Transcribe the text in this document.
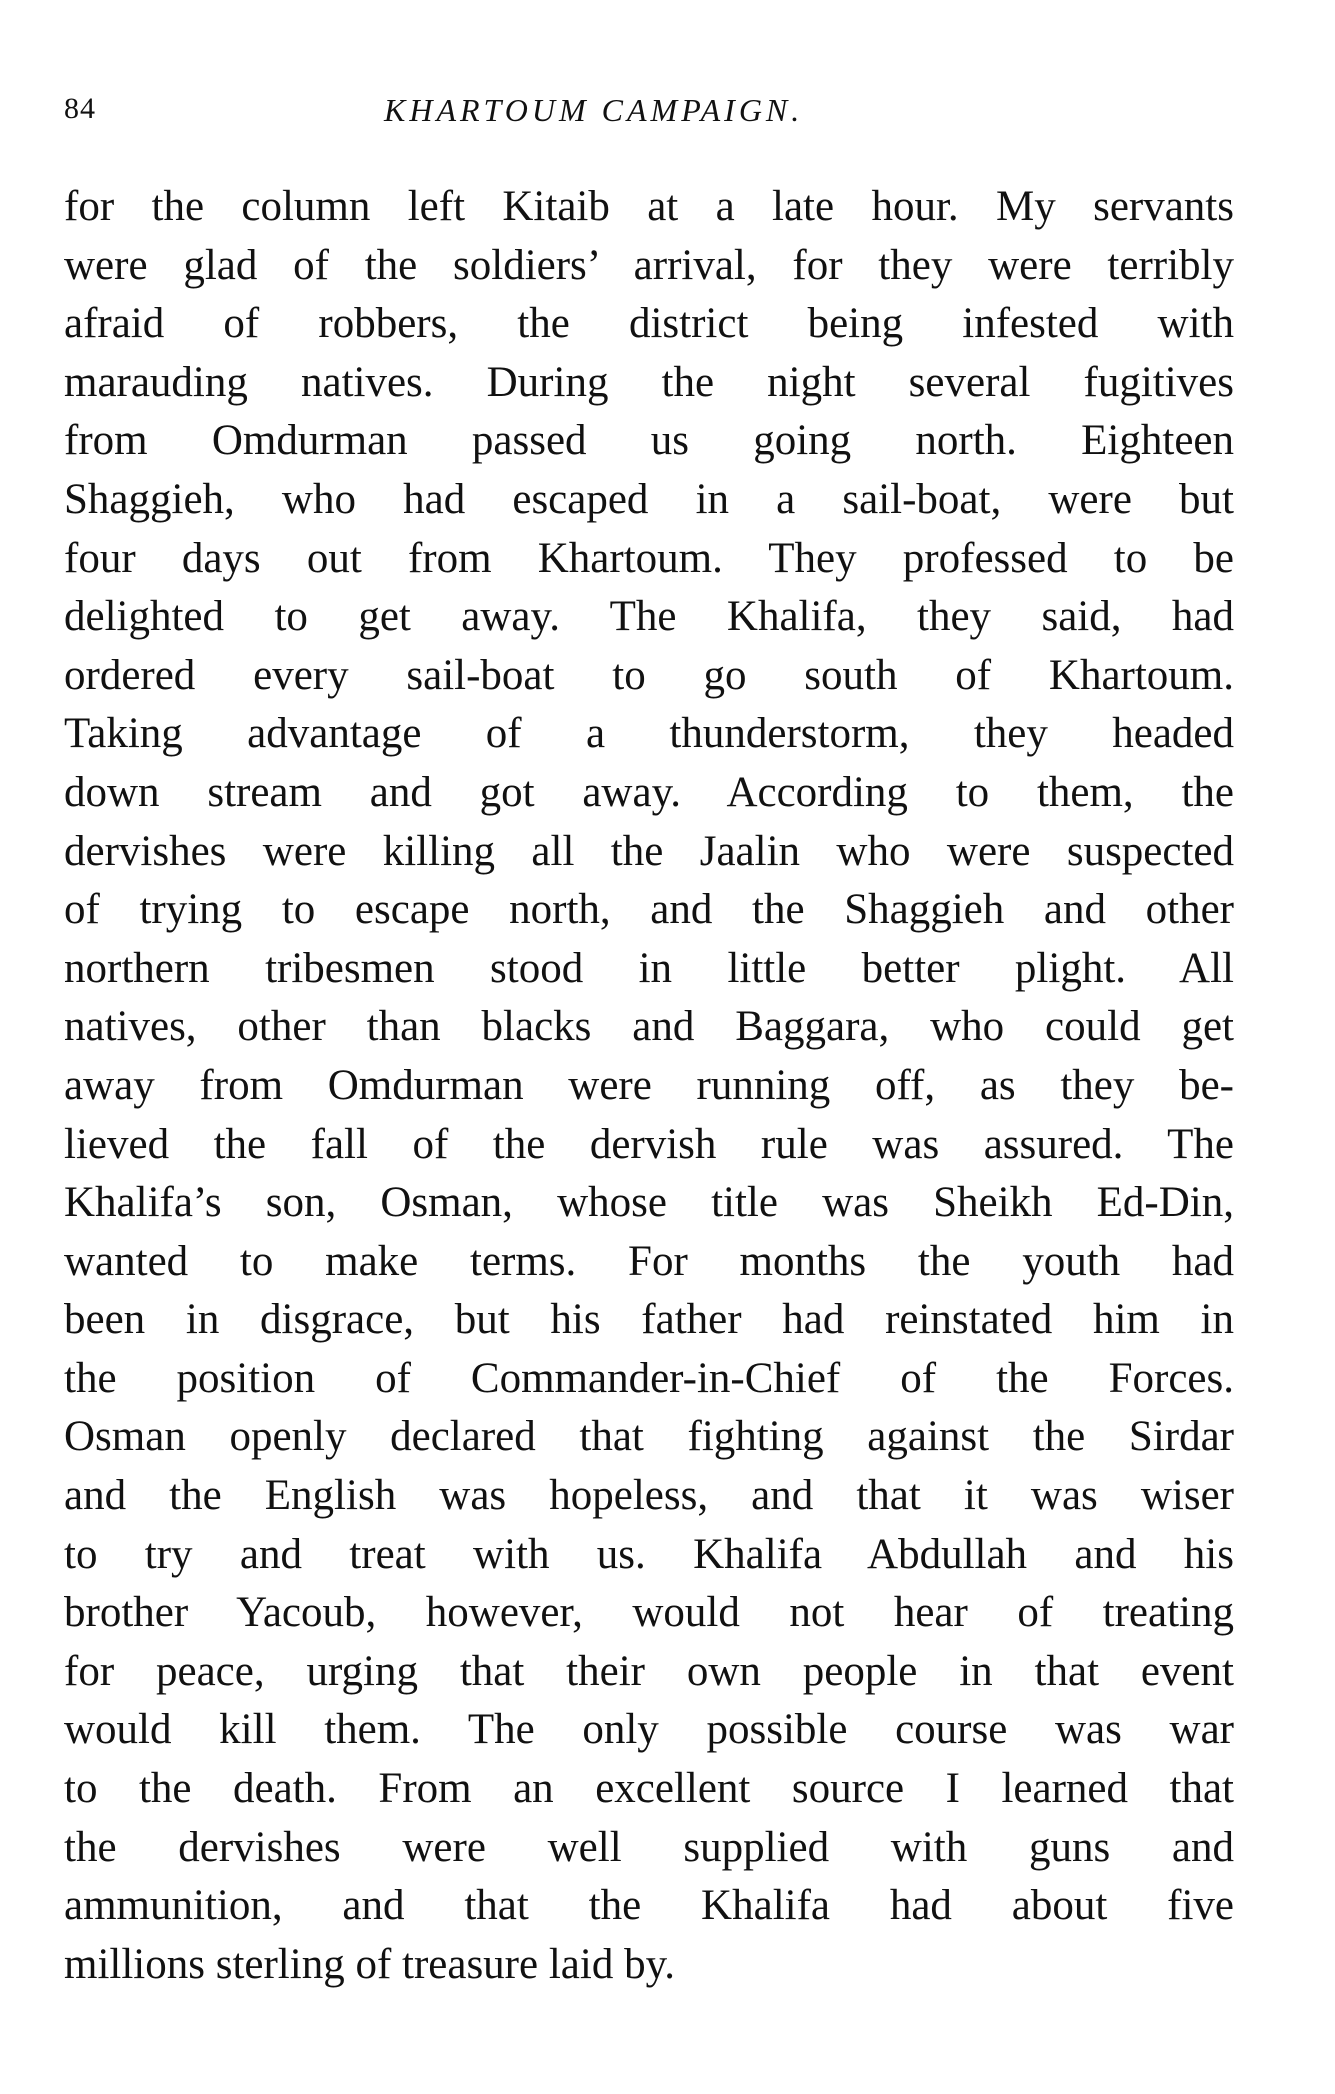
84	KHARTOUM CAMPAIGN.
for the column left Kitaib at a late hour. My servants
were glad of the soldiers’ arrival, for they were terribly
afraid of robbers, the district being infested with
marauding natives. During the night several fugitives
from Omdurman passed us going north. Eighteen
Shaggieh, who had escaped in a sail-boat, were but
four days out from Khartoum. They professed to be
delighted to get away. The Khalifa, they said, had
ordered every sail-boat to go south of Khartoum.
Taking advantage of a thunderstorm, they headed
down stream and got away. According to them, the
dervishes were killing all the Jaalin who were suspected
of trying to escape north, and the Shaggieh and other
northern tribesmen stood in little better plight. All
natives, other than blacks and Baggara, who could get
away from Omdurman were running off, as they be-
lieved the fall of the dervish rule was assured. The
Khalifa’s son, Osman, whose title was Sheikh Ed-Din,
wanted to make terms. For months the youth had
been in disgrace, but his father had reinstated him in
the position of Commander-in-Chief of the Forces.
Osman openly declared that fighting against the Sirdar
and the English was hopeless, and that it was wiser
to try and treat with us. Khalifa Abdullah and his
brother Yacoub, however, would not hear of treating
for peace, urging that their own people in that event
would kill them. The only possible course was war
to the death. From an excellent source I learned that
the dervishes were well supplied with guns and
ammunition, and that the Khalifa had about five
millions sterling of treasure laid by.
